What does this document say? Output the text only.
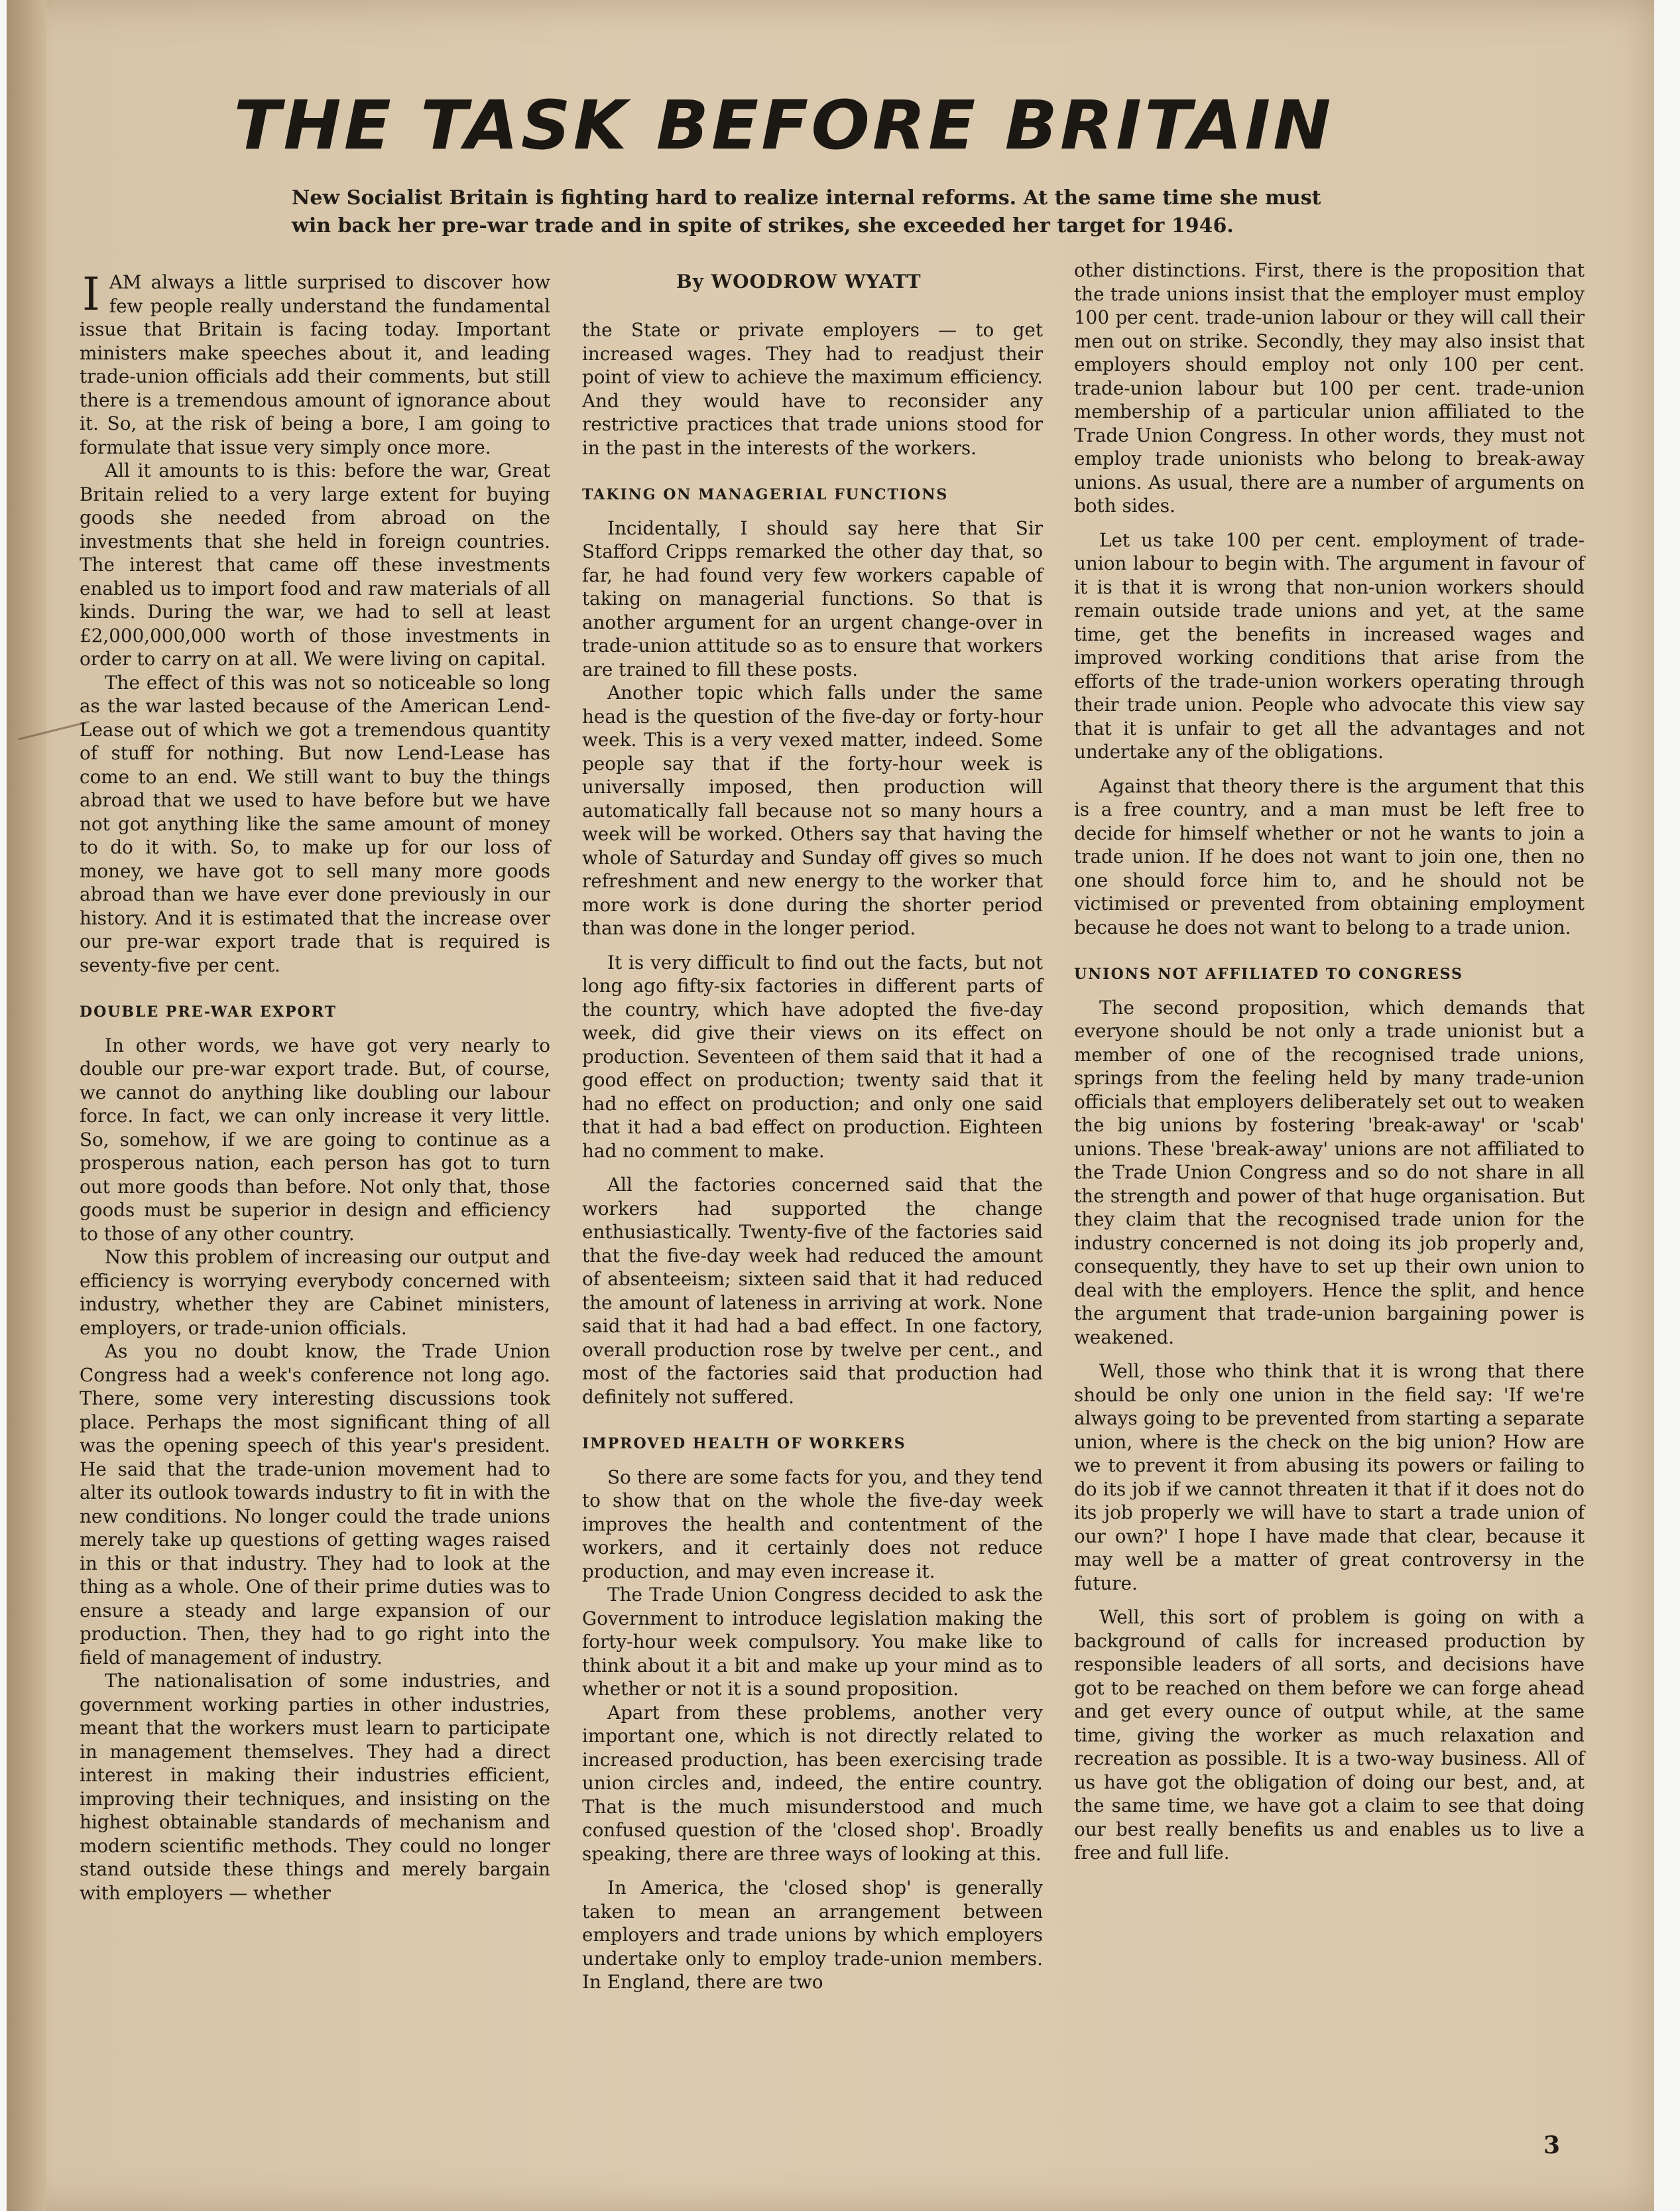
THE TASK BEFORE BRITAIN

New Socialist Britain is fighting hard to realize internal reforms. At the same time she must win back her pre-war trade and in spite of strikes, she exceeded her target for 1946.

By WOODROW WYATT

IAM always a little surprised to discover how few people really understand the fundamental issue that Britain is facing today. Important ministers make speeches about it, and leading trade-union officials add their comments, but still there is a tremendous amount of ignorance about it. So, at the risk of being a bore, I am going to formulate that issue very simply once more.

All it amounts to is this: before the war, Great Britain relied to a very large extent for buying goods she needed from abroad on the investments that she held in foreign countries. The interest that came off these investments enabled us to import food and raw materials of all kinds. During the war, we had to sell at least £2,000,000,000 worth of those investments in order to carry on at all. We were living on capital.

The effect of this was not so noticeable so long as the war lasted because of the American Lend-Lease out of which we got a tremendous quantity of stuff for nothing. But now Lend-Lease has come to an end. We still want to buy the things abroad that we used to have before but we have not got anything like the same amount of money to do it with. So, to make up for our loss of money, we have got to sell many more goods abroad than we have ever done previously in our history. And it is estimated that the increase over our pre-war export trade that is required is seventy-five per cent.

DOUBLE PRE-WAR EXPORT

In other words, we have got very nearly to double our pre-war export trade. But, of course, we cannot do anything like doubling our labour force. In fact, we can only increase it very little. So, somehow, if we are going to continue as a prosperous nation, each person has got to turn out more goods than before. Not only that, those goods must be superior in design and efficiency to those of any other country.

Now this problem of increasing our output and efficiency is worrying everybody concerned with industry, whether they are Cabinet ministers, employers, or trade-union officials.

As you no doubt know, the Trade Union Congress had a week's conference not long ago. There, some very interesting discussions took place. Perhaps the most significant thing of all was the opening speech of this year's president. He said that the trade-union movement had to alter its outlook towards industry to fit in with the new conditions. No longer could the trade unions merely take up questions of getting wages raised in this or that industry. They had to look at the thing as a whole. One of their prime duties was to ensure a steady and large expansion of our production. Then, they had to go right into the field of management of industry.

The nationalisation of some industries, and government working parties in other industries, meant that the workers must learn to participate in management themselves. They had a direct interest in making their industries efficient, improving their techniques, and insisting on the highest obtainable standards of mechanism and modern scientific methods. They could no longer stand outside these things and merely bargain with employers — whether

the State or private employers — to get increased wages. They had to readjust their point of view to achieve the maximum efficiency. And they would have to reconsider any restrictive practices that trade unions stood for in the past in the interests of the workers.

TAKING ON MANAGERIAL FUNCTIONS

Incidentally, I should say here that Sir Stafford Cripps remarked the other day that, so far, he had found very few workers capable of taking on managerial functions. So that is another argument for an urgent change-over in trade-union attitude so as to ensure that workers are trained to fill these posts.

Another topic which falls under the same head is the question of the five-day or forty-hour week. This is a very vexed matter, indeed. Some people say that if the forty-hour week is universally imposed, then production will automatically fall because not so many hours a week will be worked. Others say that having the whole of Saturday and Sunday off gives so much refreshment and new energy to the worker that more work is done during the shorter period than was done in the longer period.

It is very difficult to find out the facts, but not long ago fifty-six factories in different parts of the country, which have adopted the five-day week, did give their views on its effect on production. Seventeen of them said that it had a good effect on production; twenty said that it had no effect on production; and only one said that it had a bad effect on production. Eighteen had no comment to make.

All the factories concerned said that the workers had supported the change enthusiastically. Twenty-five of the factories said that the five-day week had reduced the amount of absenteeism; sixteen said that it had reduced the amount of lateness in arriving at work. None said that it had had a bad effect. In one factory, overall production rose by twelve per cent., and most of the factories said that production had definitely not suffered.

IMPROVED HEALTH OF WORKERS

So there are some facts for you, and they tend to show that on the whole the five-day week improves the health and contentment of the workers, and it certainly does not reduce production, and may even increase it.

The Trade Union Congress decided to ask the Government to introduce legislation making the forty-hour week compulsory. You make like to think about it a bit and make up your mind as to whether or not it is a sound proposition.

Apart from these problems, another very important one, which is not directly related to increased production, has been exercising trade union circles and, indeed, the entire country. That is the much misunderstood and much confused question of the 'closed shop'. Broadly speaking, there are three ways of looking at this.

In America, the 'closed shop' is generally taken to mean an arrangement between employers and trade unions by which employers undertake only to employ trade-union members. In England, there are two

other distinctions. First, there is the proposition that the trade unions insist that the employer must employ 100 per cent. trade-union labour or they will call their men out on strike. Secondly, they may also insist that employers should employ not only 100 per cent. trade-union labour but 100 per cent. trade-union membership of a particular union affiliated to the Trade Union Congress. In other words, they must not employ trade unionists who belong to break-away unions. As usual, there are a number of arguments on both sides.

Let us take 100 per cent. employment of trade-union labour to begin with. The argument in favour of it is that it is wrong that non-union workers should remain outside trade unions and yet, at the same time, get the benefits in increased wages and improved working conditions that arise from the efforts of the trade-union workers operating through their trade union. People who advocate this view say that it is unfair to get all the advantages and not undertake any of the obligations.

Against that theory there is the argument that this is a free country, and a man must be left free to decide for himself whether or not he wants to join a trade union. If he does not want to join one, then no one should force him to, and he should not be victimised or prevented from obtaining employment because he does not want to belong to a trade union.

UNIONS NOT AFFILIATED TO CONGRESS

The second proposition, which demands that everyone should be not only a trade unionist but a member of one of the recognised trade unions, springs from the feeling held by many trade-union officials that employers deliberately set out to weaken the big unions by fostering 'break-away' or 'scab' unions. These 'break-away' unions are not affiliated to the Trade Union Congress and so do not share in all the strength and power of that huge organisation. But they claim that the recognised trade union for the industry concerned is not doing its job properly and, consequently, they have to set up their own union to deal with the employers. Hence the split, and hence the argument that trade-union bargaining power is weakened.

Well, those who think that it is wrong that there should be only one union in the field say: 'If we're always going to be prevented from starting a separate union, where is the check on the big union? How are we to prevent it from abusing its powers or failing to do its job if we cannot threaten it that if it does not do its job properly we will have to start a trade union of our own?' I hope I have made that clear, because it may well be a matter of great controversy in the future.

Well, this sort of problem is going on with a background of calls for increased production by responsible leaders of all sorts, and decisions have got to be reached on them before we can forge ahead and get every ounce of output while, at the same time, giving the worker as much relaxation and recreation as possible. It is a two-way business. All of us have got the obligation of doing our best, and, at the same time, we have got a claim to see that doing our best really benefits us and enables us to live a free and full life.

3
